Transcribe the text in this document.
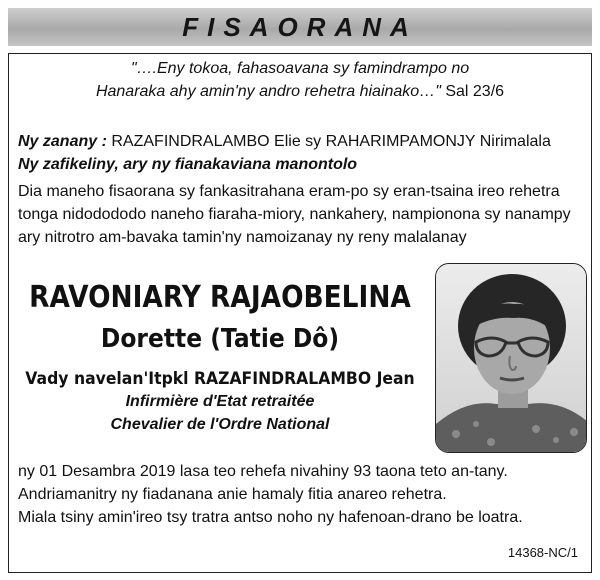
FISAORANA
"….Eny tokoa, fahasoavana sy famindrampo no
Hanaraka ahy amin'ny andro rehetra hiainako…" Sal 23/6
Ny zanany : RAZAFINDRALAMBO Elie sy RAHARIMPAMONJY Nirimalala
Ny zafikeliny, ary ny fianakaviana manontolo
Dia maneho fisaorana sy fankasitrahana eram-po sy eran-tsaina ireo rehetra tonga nidodododo naneho fiaraha-miory, nankahery, nampionona sy nanampy ary nitrotro am-bavaka tamin'ny namoizanay ny reny malalanay
RAVONIARY RAJAOBELINA
Dorette (Tatie Dô)
Vady navelan'Itpkl RAZAFINDRALAMBO Jean
Infirmière d'Etat retraitée
Chevalier de l'Ordre National
ny 01 Desambra 2019 lasa teo rehefa nivahiny 93 taona teto an-tany.
Andriamanitry ny fiadanana anie hamaly fitia anareo rehetra.
Miala tsiny amin'ireo tsy tratra antso noho ny hafenoan-drano be loatra.
14368-NC/1
